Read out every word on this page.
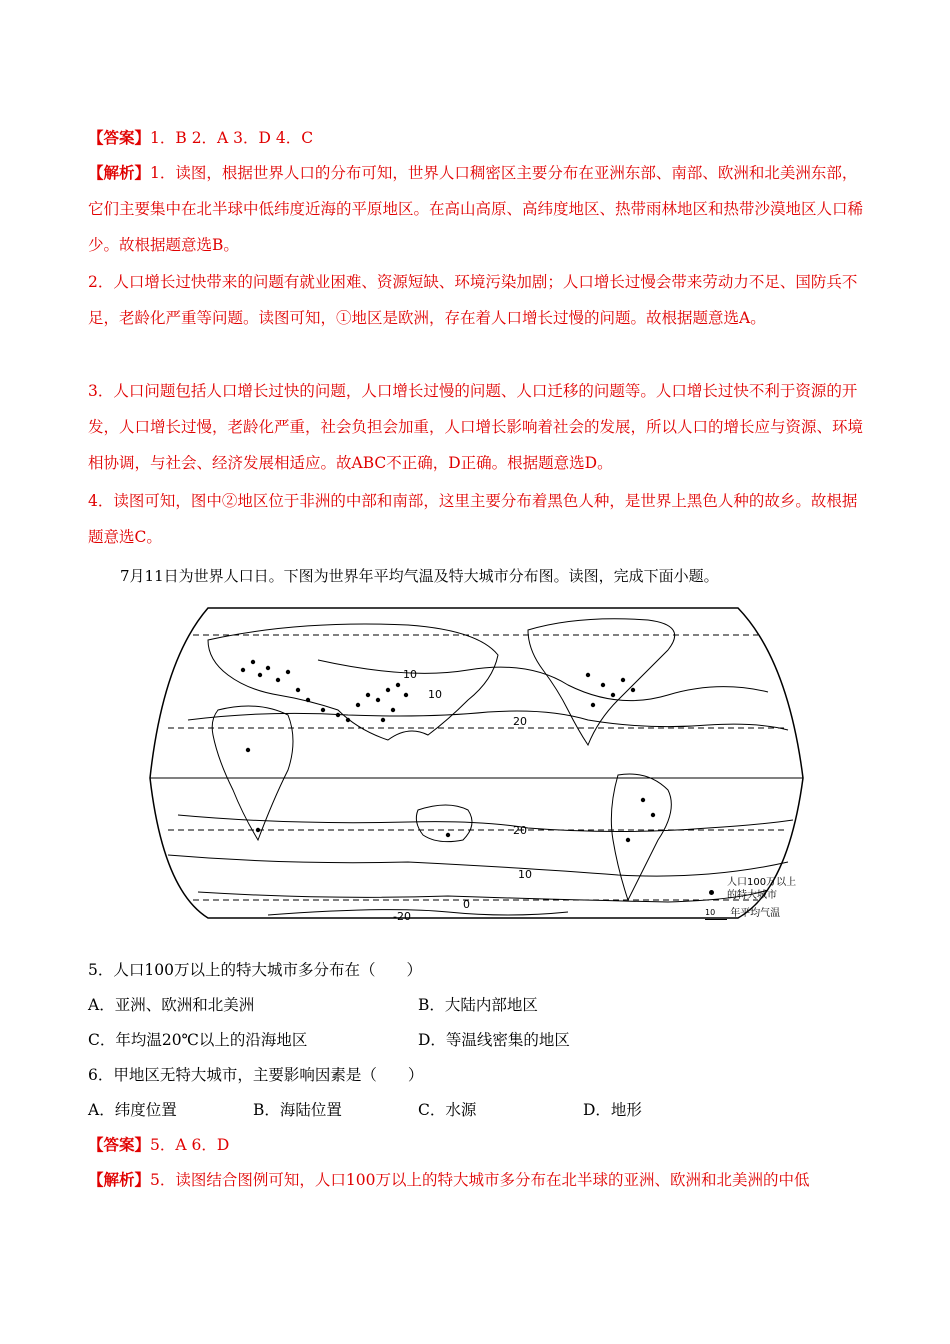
【答案】1．B 2．A 3．D 4．C
【解析】1．读图，根据世界人口的分布可知，世界人口稠密区主要分布在亚洲东部、南部、欧洲和北美洲东部，它们主要集中在北半球中低纬度近海的平原地区。在高山高原、高纬度地区、热带雨林地区和热带沙漠地区人口稀少。故根据题意选B。
2．人口增长过快带来的问题有就业困难、资源短缺、环境污染加剧；人口增长过慢会带来劳动力不足、国防兵不足，老龄化严重等问题。读图可知，①地区是欧洲，存在着人口增长过慢的问题。故根据题意选A。
3．人口问题包括人口增长过快的问题，人口增长过慢的问题、人口迁移的问题等。人口增长过快不利于资源的开发，人口增长过慢，老龄化严重，社会负担会加重，人口增长影响着社会的发展，所以人口的增长应与资源、环境相协调，与社会、经济发展相适应。故ABC不正确，D正确。根据题意选D。
4．读图可知，图中②地区位于非洲的中部和南部，这里主要分布着黑色人种，是世界上黑色人种的故乡。故根据题意选C。
7月11日为世界人口日。下图为世界年平均气温及特大城市分布图。读图，完成下面小题。
10
10
20
20
10
0
-20
人口100万以上
的特大城市
10 年平均气温
5．人口100万以上的特大城市多分布在（　　）
A．亚洲、欧洲和北美洲	B．大陆内部地区
C．年均温20℃以上的沿海地区	D．等温线密集的地区
6．甲地区无特大城市，主要影响因素是（　　）
A．纬度位置	B．海陆位置	C．水源	D．地形
【答案】5．A 6．D
【解析】5．读图结合图例可知，人口100万以上的特大城市多分布在北半球的亚洲、欧洲和北美洲的中低
